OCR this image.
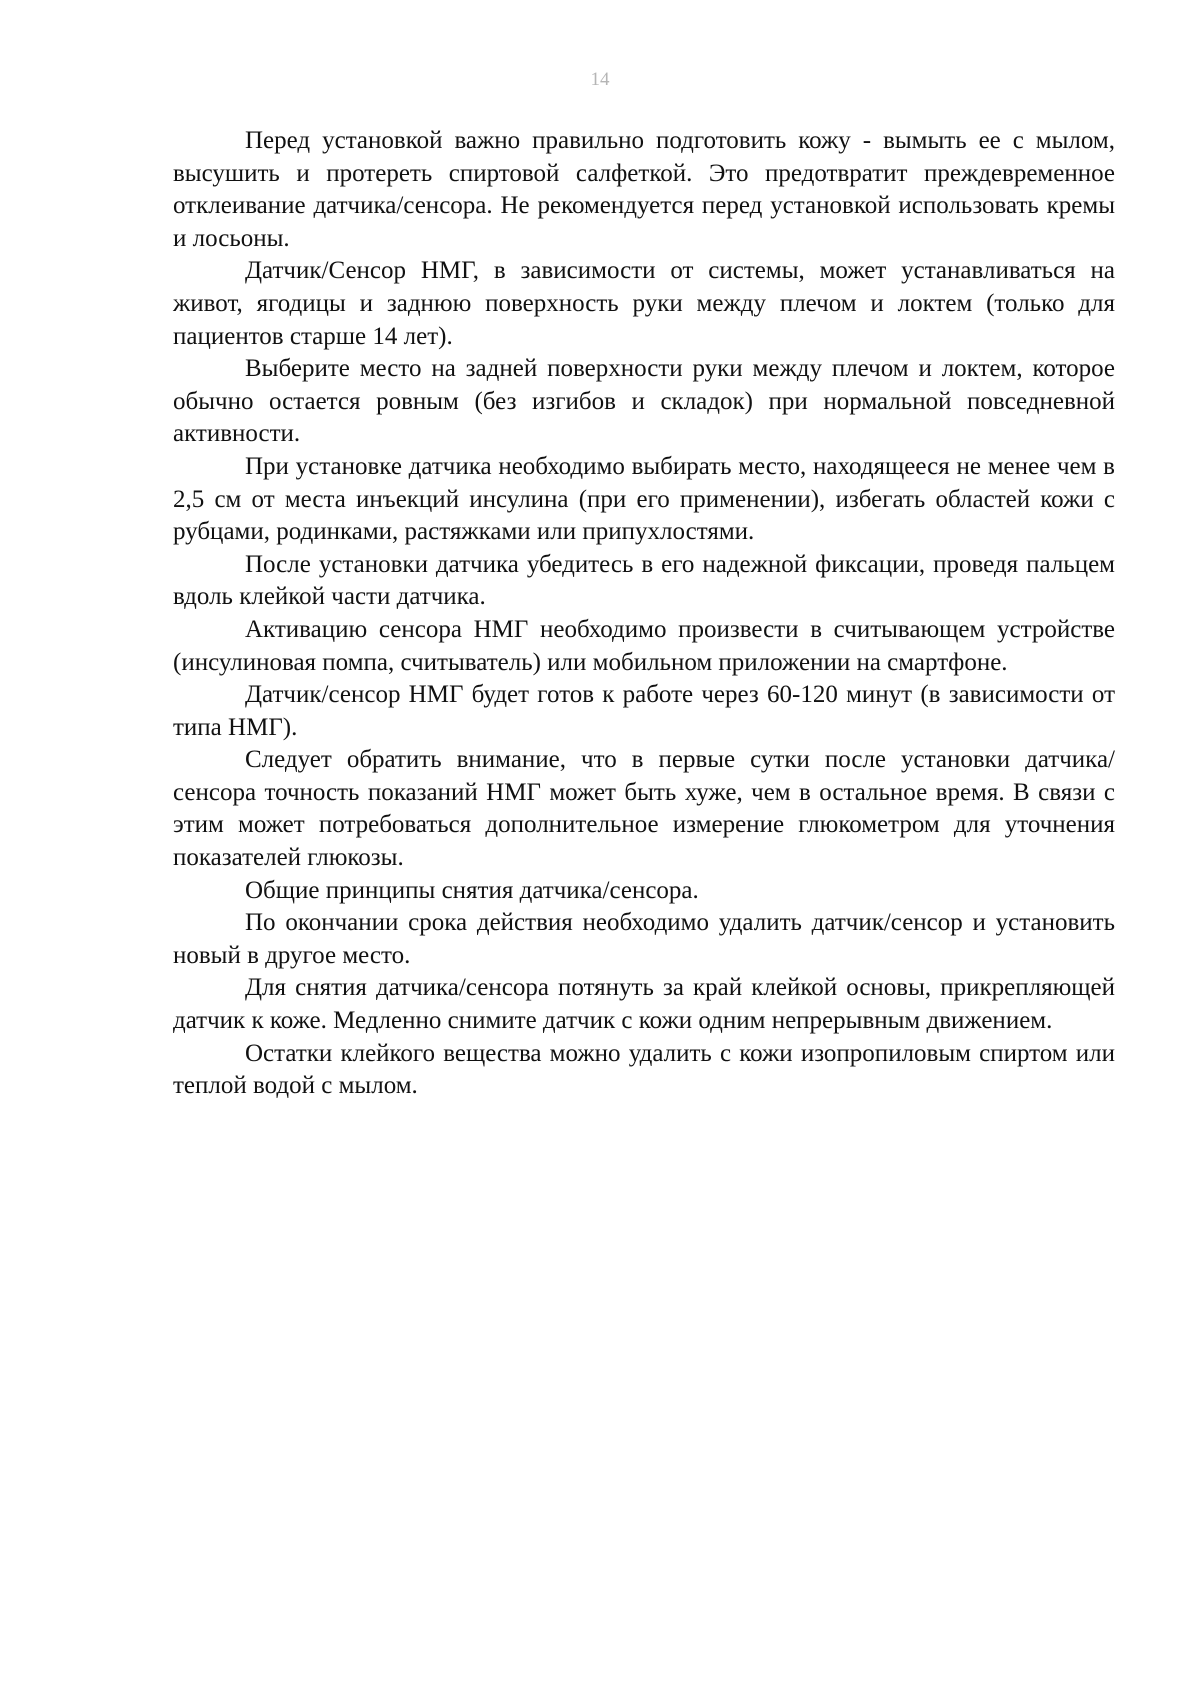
14

Перед установкой важно правильно подготовить кожу - вымыть ее с мылом, высушить и протереть спиртовой салфеткой. Это предотвратит преждевременное отклеивание датчика/сенсора. Не рекомендуется перед установкой использовать кремы и лосьоны.

Датчик/Сенсор НМГ, в зависимости от системы, может устанавливаться на живот, ягодицы и заднюю поверхность руки между плечом и локтем (только для пациентов старше 14 лет).

Выберите место на задней поверхности руки между плечом и локтем, которое обычно остается ровным (без изгибов и складок) при нормальной повседневной активности.

При установке датчика необходимо выбирать место, находящееся не менее чем в 2,5 см от места инъекций инсулина (при его применении), избегать областей кожи с рубцами, родинками, растяжками или припухлостями.

После установки датчика убедитесь в его надежной фиксации, проведя пальцем вдоль клейкой части датчика.

Активацию сенсора НМГ необходимо произвести в считывающем устройстве (инсулиновая помпа, считыватель) или мобильном приложении на смартфоне.

Датчик/сенсор НМГ будет готов к работе через 60-120 минут (в зависимости от типа НМГ).

Следует обратить внимание, что в первые сутки после установки датчика/сенсора точность показаний НМГ может быть хуже, чем в остальное время. В связи с этим может потребоваться дополнительное измерение глюкометром для уточнения показателей глюкозы.

Общие принципы снятия датчика/сенсора.

По окончании срока действия необходимо удалить датчик/сенсор и установить новый в другое место.

Для снятия датчика/сенсора потянуть за край клейкой основы, прикрепляющей датчик к коже. Медленно снимите датчик с кожи одним непрерывным движением.

Остатки клейкого вещества можно удалить с кожи изопропиловым спиртом или теплой водой с мылом.
